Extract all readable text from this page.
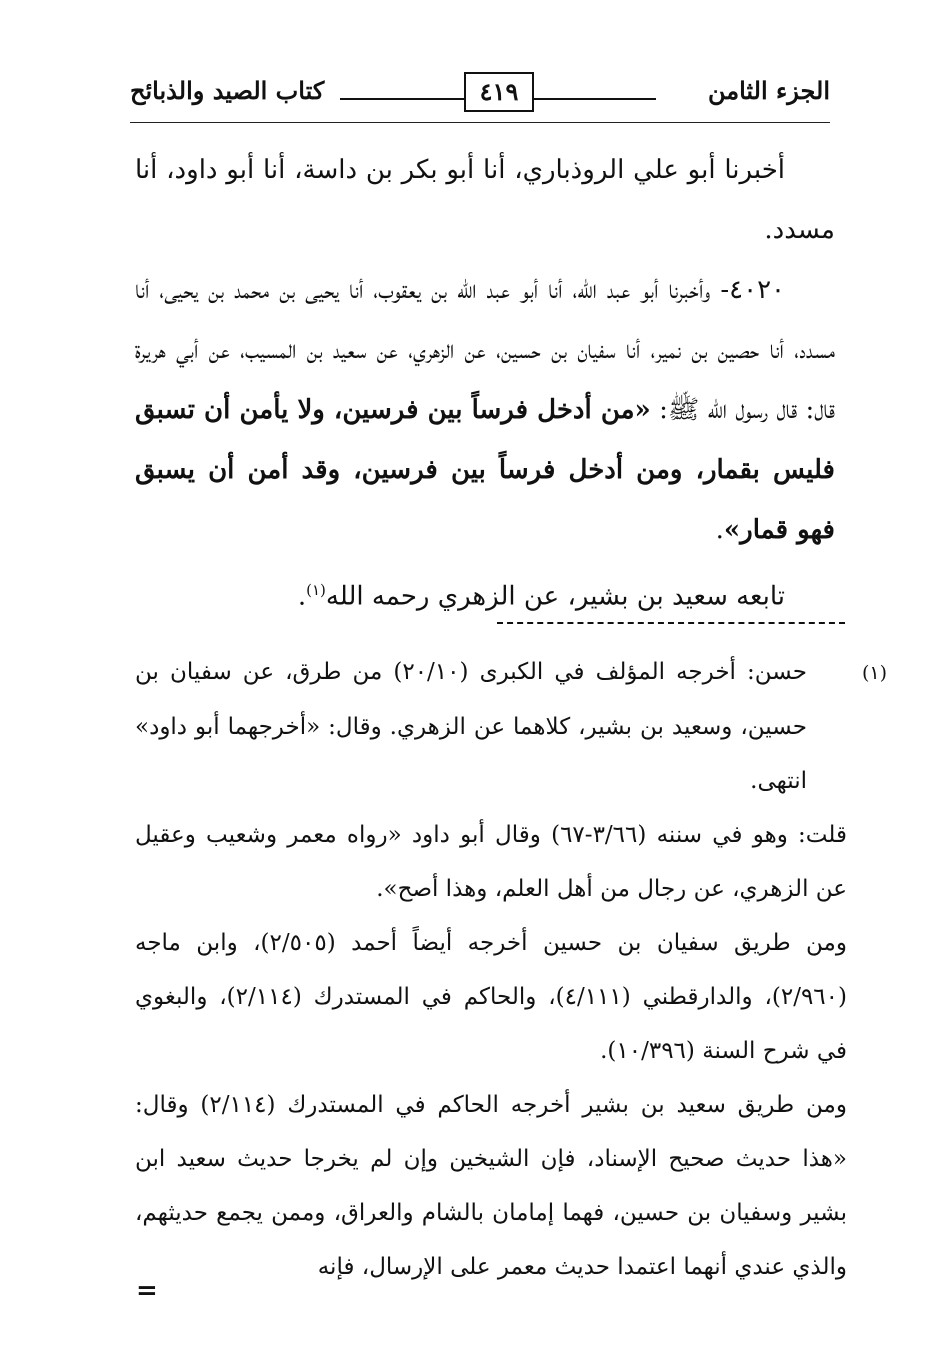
الجزء الثامن
٤١٩
كتاب الصيد والذبائح

أخبرنا أبو علي الروذباري، أنا أبو بكر بن داسة، أنا أبو داود، أنا مسدد.

٤٠٢٠- وأخبرنا أبو عبد الله، أنا أبو عبد الله بن يعقوب، أنا يحيى بن محمد بن يحيى، أنا مسدد، أنا حصين بن نمير، أنا سفيان بن حسين، عن الزهري، عن سعيد بن المسيب، عن أبي هريرة قال: قال رسول الله ﷺ: «من أدخل فرساً بين فرسين، ولا يأمن أن تسبق فليس بقمار، ومن أدخل فرساً بين فرسين، وقد أمن أن يسبق فهو قمار».

تابعه سعيد بن بشير، عن الزهري رحمه الله$^{(١)}$.

(١)حسن: أخرجه المؤلف في الكبرى (٢٠/١٠) من طرق، عن سفيان بن حسين، وسعيد بن بشير، كلاهما عن الزهري. وقال: «أخرجهما أبو داود» انتهى.

قلت: وهو في سننه (٣/٦٦-٦٧) وقال أبو داود «رواه معمر وشعيب وعقيل عن الزهري، عن رجال من أهل العلم، وهذا أصح».

ومن طريق سفيان بن حسين أخرجه أيضاً أحمد (٢/٥٠٥)، وابن ماجه (٢/٩٦٠)، والدارقطني (٤/١١١)، والحاكم في المستدرك (٢/١١٤)، والبغوي في شرح السنة (١٠/٣٩٦).

ومن طريق سعيد بن بشير أخرجه الحاكم في المستدرك (٢/١١٤) وقال: «هذا حديث صحيح الإسناد، فإن الشيخين وإن لم يخرجا حديث سعيد ابن بشير وسفيان بن حسين، فهما إمامان بالشام والعراق، وممن يجمع حديثهم، والذي عندي أنهما اعتمدا حديث معمر على الإرسال، فإنه

=
